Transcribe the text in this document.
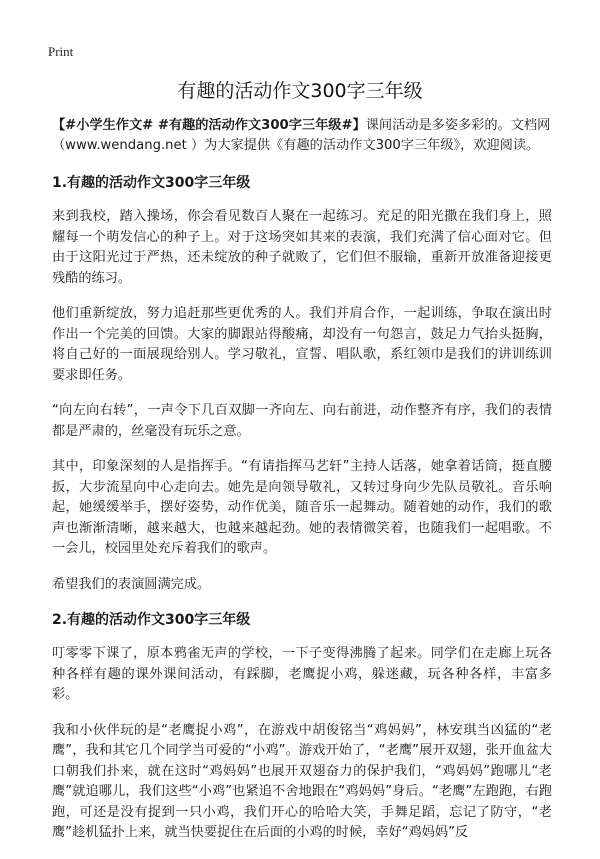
Print
有趣的活动作文300字三年级

【#小学生作文# #有趣的活动作文300字三年级#】课间活动是多姿多彩的。文档网（www.wendang.net ）为大家提供《有趣的活动作文300字三年级》，欢迎阅读。

1.有趣的活动作文300字三年级

来到我校，踏入操场，你会看见数百人聚在一起练习。充足的阳光撒在我们身上，照耀每一个萌发信心的种子上。对于这场突如其来的表演，我们充满了信心面对它。但由于这阳光过于严热，还未绽放的种子就败了，它们但不服输，重新开放准备迎接更残酷的练习。

他们重新绽放，努力追赶那些更优秀的人。我们并肩合作，一起训练，争取在演出时作出一个完美的回馈。大家的脚跟站得酸痛，却没有一句怨言，鼓足力气抬头挺胸，将自己好的一面展现给别人。学习敬礼，宣誓、唱队歌，系红领巾是我们的讲训练训要求即任务。

“向左向右转”，一声令下几百双脚一齐向左、向右前进，动作整齐有序，我们的表情都是严肃的，丝毫没有玩乐之意。

其中，印象深刻的人是指挥手。“有请指挥马艺轩”主持人话落，她拿着话筒，挺直腰扳，大步流星向中心走向去。她先是向领导敬礼，又转过身向少先队员敬礼。音乐响起，她缓缓举手，摆好姿势，动作优美，随音乐一起舞动。随着她的动作，我们的歌声也渐渐清晰，越来越大，也越来越起劲。她的表情微笑着，也随我们一起唱歌。不一会儿，校园里处充斥着我们的歌声。

希望我们的表演圆满完成。

2.有趣的活动作文300字三年级

叮零零下课了，原本鸦雀无声的学校，一下子变得沸腾了起来。同学们在走廊上玩各种各样有趣的课外课间活动，有踩脚，老鹰捉小鸡，躲迷藏，玩各种各样，丰富多彩。

我和小伙伴玩的是“老鹰捉小鸡”，在游戏中胡俊铭当“鸡妈妈”，林安琪当凶猛的“老鹰”，我和其它几个同学当可爱的“小鸡”。游戏开始了，“老鹰”展开双翅，张开血盆大口朝我们扑来，就在这时“鸡妈妈”也展开双翅奋力的保护我们，“鸡妈妈”跑哪儿“老鹰”就追哪儿，我们这些“小鸡”也紧追不舍地跟在“鸡妈妈”身后。“老鹰”左跑跑，右跑跑，可还是没有捉到一只小鸡，我们开心的哈哈大笑，手舞足蹈，忘记了防守，“老鹰”趁机猛扑上来，就当快要捉住在后面的小鸡的时候，幸好“鸡妈妈”反
